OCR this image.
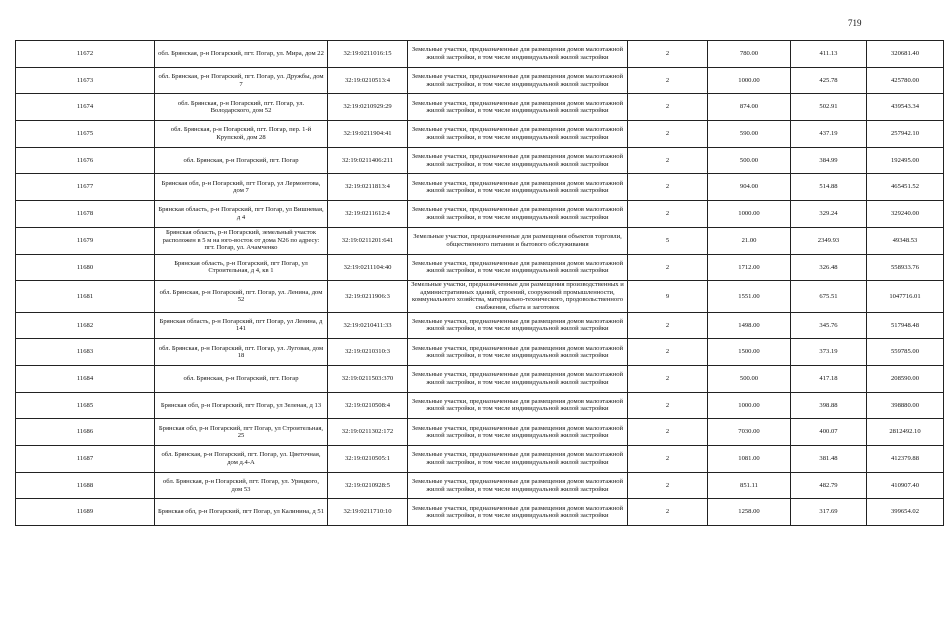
719
11672	обл. Брянская, р-н Погарский, пгт. Погар, ул. Мира, дом 22	32:19:0211016:15	Земельные участки, предназначенные для размещения домов малоэтажной жилой застройки, в том числе индивидуальной жилой застройки	2	780.00	411.13	320681.40
11673	обл. Брянская, р-н Погарский, пгт. Погар, ул. Дружбы, дом 7	32:19:0210513:4	Земельные участки, предназначенные для размещения домов малоэтажной жилой застройки, в том числе индивидуальной жилой застройки	2	1000.00	425.78	425780.00
11674	обл. Брянская, р-н Погарский, пгт. Погар, ул. Володарского, дом 52	32:19:0210929:29	Земельные участки, предназначенные для размещения домов малоэтажной жилой застройки, в том числе индивидуальной жилой застройки	2	874.00	502.91	439543.34
11675	обл. Брянская, р-н Погарский, пгт. Погар, пер. 1-й Крупской, дом 28	32:19:0211904:41	Земельные участки, предназначенные для размещения домов малоэтажной жилой застройки, в том числе индивидуальной жилой застройки	2	590.00	437.19	257942.10
11676	обл. Брянская, р-н Погарский, пгт. Погар	32:19:0211406:211	Земельные участки, предназначенные для размещения домов малоэтажной жилой застройки, в том числе индивидуальной жилой застройки	2	500.00	384.99	192495.00
11677	Брянская обл, р-н Погарский, пгт Погар, ул Лермонтова, дом 7	32:19:0211813:4	Земельные участки, предназначенные для размещения домов малоэтажной жилой застройки, в том числе индивидуальной жилой застройки	2	904.00	514.88	465451.52
11678	Брянская область, р-н Погарский, пгт Погар, ул Вишневая, д 4	32:19:0211612:4	Земельные участки, предназначенные для размещения домов малоэтажной жилой застройки, в том числе индивидуальной жилой застройки	2	1000.00	329.24	329240.00
11679	Брянская область, р-н Погарский, земельный участок расположен в 5 м на юго-восток от дома N26 по адресу: пгт. Погар, ул. Ачамченко	32:19:0211201:641	Земельные участки, предназначенные для размещения объектов торговли, общественного питания и бытового обслуживания	5	21.00	2349.93	49348.53
11680	Брянская область, р-н Погарский, пгт Погар, ул Строительная, д 4, кв 1	32:19:0211104:40	Земельные участки, предназначенные для размещения домов малоэтажной жилой застройки, в том числе индивидуальной жилой застройки	2	1712.00	326.48	558933.76
11681	обл. Брянская, р-н Погарский, пгт. Погар, ул. Ленина, дом 52	32:19:0211906:3	Земельные участки, предназначенные для размещения производственных и административных зданий, строений, сооружений промышленности, коммунального хозяйства, материально-технического, продовольственного снабжения, сбыта и заготовок	9	1551.00	675.51	1047716.01
11682	Брянская область, р-н Погарский, пгт Погар, ул Ленина, д 141	32:19:0210411:33	Земельные участки, предназначенные для размещения домов малоэтажной жилой застройки, в том числе индивидуальной жилой застройки	2	1498.00	345.76	517948.48
11683	обл. Брянская, р-н Погарский, пгт. Погар, ул. Луговая, дом 18	32:19:0210310:3	Земельные участки, предназначенные для размещения домов малоэтажной жилой застройки, в том числе индивидуальной жилой застройки	2	1500.00	373.19	559785.00
11684	обл. Брянская, р-н Погарский, пгт. Погар	32:19:0211503:370	Земельные участки, предназначенные для размещения домов малоэтажной жилой застройки, в том числе индивидуальной жилой застройки	2	500.00	417.18	208590.00
11685	Брянская обл, р-н Погарский, пгт Погар, ул Зеленая, д 13	32:19:0210508:4	Земельные участки, предназначенные для размещения домов малоэтажной жилой застройки, в том числе индивидуальной жилой застройки	2	1000.00	398.88	398880.00
11686	Брянская обл, р-н Погарский, пгт Погар, ул Строительная, 25	32:19:0211302:172	Земельные участки, предназначенные для размещения домов малоэтажной жилой застройки, в том числе индивидуальной жилой застройки	2	7030.00	400.07	2812492.10
11687	обл. Брянская, р-н Погарский, пгт. Погар, ул. Цветочная, дом д.4-А	32:19:0210505:1	Земельные участки, предназначенные для размещения домов малоэтажной жилой застройки, в том числе индивидуальной жилой застройки	2	1081.00	381.48	412379.88
11688	обл. Брянская, р-н Погарский, пгт. Погар, ул. Урицкого, дом 53	32:19:0210928:5	Земельные участки, предназначенные для размещения домов малоэтажной жилой застройки, в том числе индивидуальной жилой застройки	2	851.11	482.79	410907.40
11689	Брянская обл, р-н Погарский, пгт Погар, ул Калинина, д 51	32:19:0211710:10	Земельные участки, предназначенные для размещения домов малоэтажной жилой застройки, в том числе индивидуальной жилой застройки	2	1258.00	317.69	399654.02
